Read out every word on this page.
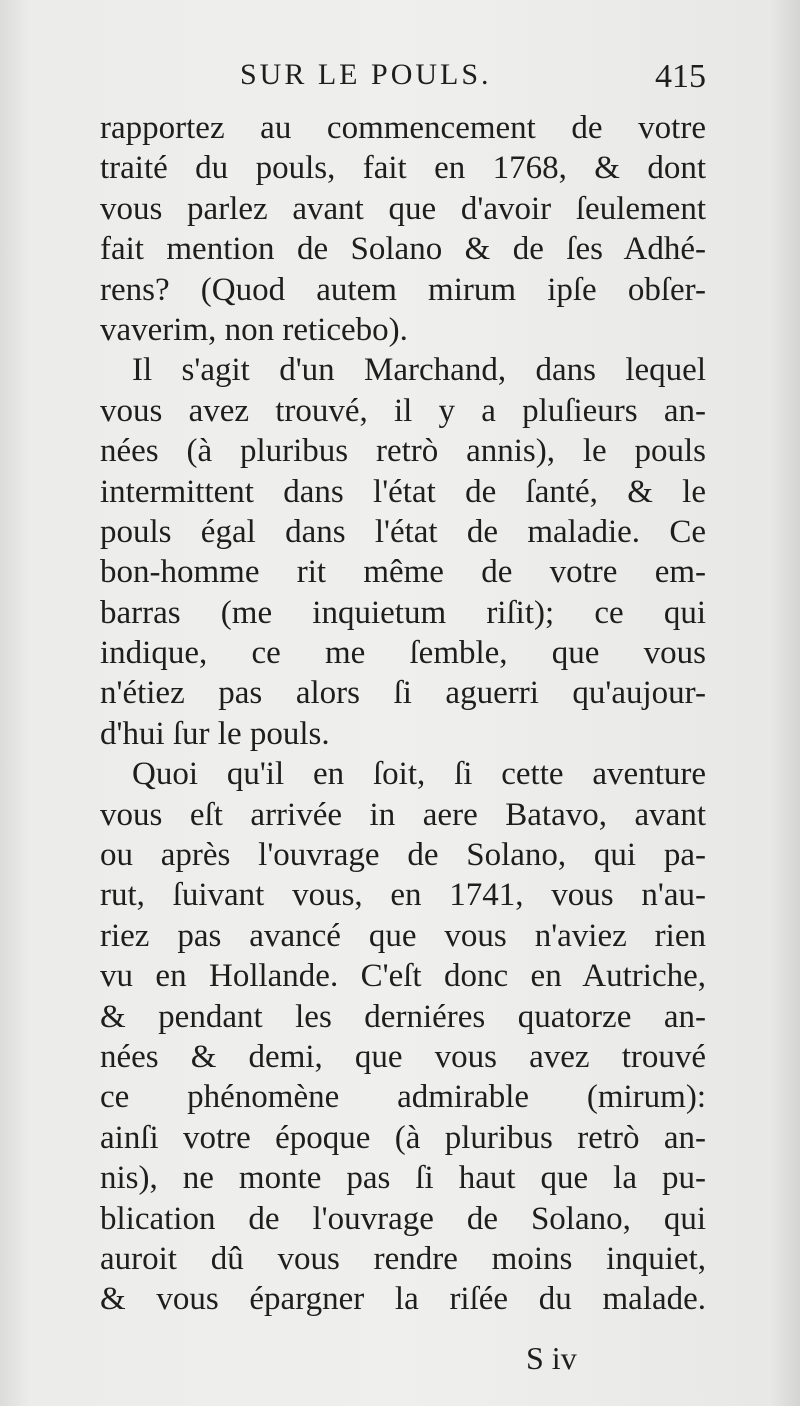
SUR LE POULS.	415
rapportez au commencement de votre
traité du pouls, fait en 1768, & dont
vous parlez avant que d'avoir ſeulement
fait mention de Solano & de ſes Adhé-
rens? (Quod autem mirum ipſe obſer-
vaverim, non reticebo).
Il s'agit d'un Marchand, dans lequel
vous avez trouvé, il y a pluſieurs an-
nées (à pluribus retrò annis), le pouls
intermittent dans l'état de ſanté, & le
pouls égal dans l'état de maladie. Ce
bon-homme rit même de votre em-
barras (me inquietum riſit); ce qui
indique, ce me ſemble, que vous
n'étiez pas alors ſi aguerri qu'aujour-
d'hui ſur le pouls.
Quoi qu'il en ſoit, ſi cette aventure
vous eſt arrivée in aere Batavo, avant
ou après l'ouvrage de Solano, qui pa-
rut, ſuivant vous, en 1741, vous n'au-
riez pas avancé que vous n'aviez rien
vu en Hollande. C'eſt donc en Autriche,
& pendant les derniéres quatorze an-
nées & demi, que vous avez trouvé
ce phénomène admirable (mirum):
ainſi votre époque (à pluribus retrò an-
nis), ne monte pas ſi haut que la pu-
blication de l'ouvrage de Solano, qui
auroit dû vous rendre moins inquiet,
& vous épargner la riſée du malade.
S iv
